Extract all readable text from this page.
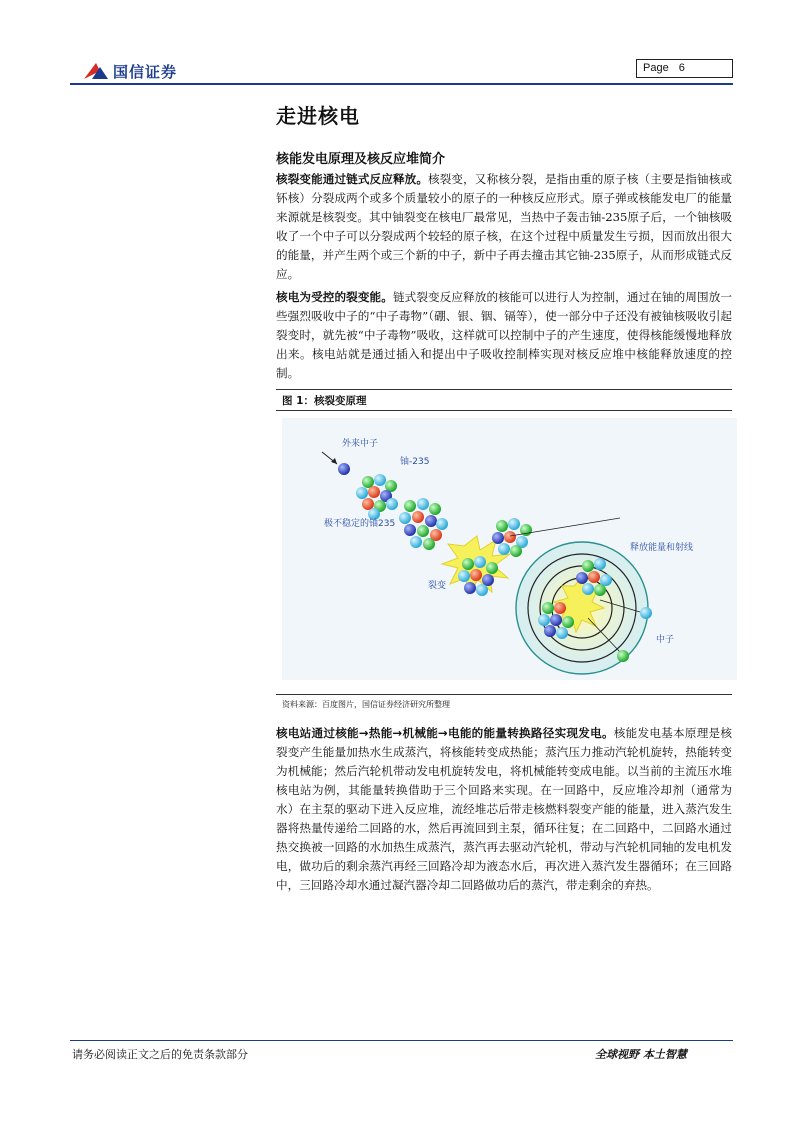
国信证券	Page 6
走进核电
核能发电原理及核反应堆简介
核裂变能通过链式反应释放。核裂变，又称核分裂，是指由重的原子核（主要是指铀核或钚核）分裂成两个或多个质量较小的原子的一种核反应形式。原子弹或核能发电厂的能量来源就是核裂变。其中铀裂变在核电厂最常见，当热中子轰击铀-235原子后，一个铀核吸收了一个中子可以分裂成两个较轻的原子核，在这个过程中质量发生亏损，因而放出很大的能量，并产生两个或三个新的中子，新中子再去撞击其它铀-235原子，从而形成链式反应。
核电为受控的裂变能。链式裂变反应释放的核能可以进行人为控制，通过在铀的周围放一些强烈吸收中子的“中子毒物”（硼、银、铟、镉等），使一部分中子还没有被铀核吸收引起裂变时，就先被“中子毒物”吸收，这样就可以控制中子的产生速度，使得核能缓慢地释放出来。核电站就是通过插入和提出中子吸收控制棒实现对核反应堆中核能释放速度的控制。
图 1：核裂变原理
外来中子
铀-235
极不稳定的铀235
裂变
释放能量和射线
中子
资料来源：百度图片，国信证券经济研究所整理
核电站通过核能→热能→机械能→电能的能量转换路径实现发电。核能发电基本原理是核裂变产生能量加热水生成蒸汽，将核能转变成热能；蒸汽压力推动汽轮机旋转，热能转变为机械能；然后汽轮机带动发电机旋转发电，将机械能转变成电能。以当前的主流压水堆核电站为例，其能量转换借助于三个回路来实现。在一回路中，反应堆冷却剂（通常为水）在主泵的驱动下进入反应堆，流经堆芯后带走核燃料裂变产能的能量，进入蒸汽发生器将热量传递给二回路的水，然后再流回到主泵，循环往复；在二回路中，二回路水通过热交换被一回路的水加热生成蒸汽，蒸汽再去驱动汽轮机，带动与汽轮机同轴的发电机发电，做功后的剩余蒸汽再经三回路冷却为液态水后，再次进入蒸汽发生器循环；在三回路中，三回路冷却水通过凝汽器冷却二回路做功后的蒸汽，带走剩余的弃热。
请务必阅读正文之后的免责条款部分	全球视野 本土智慧
